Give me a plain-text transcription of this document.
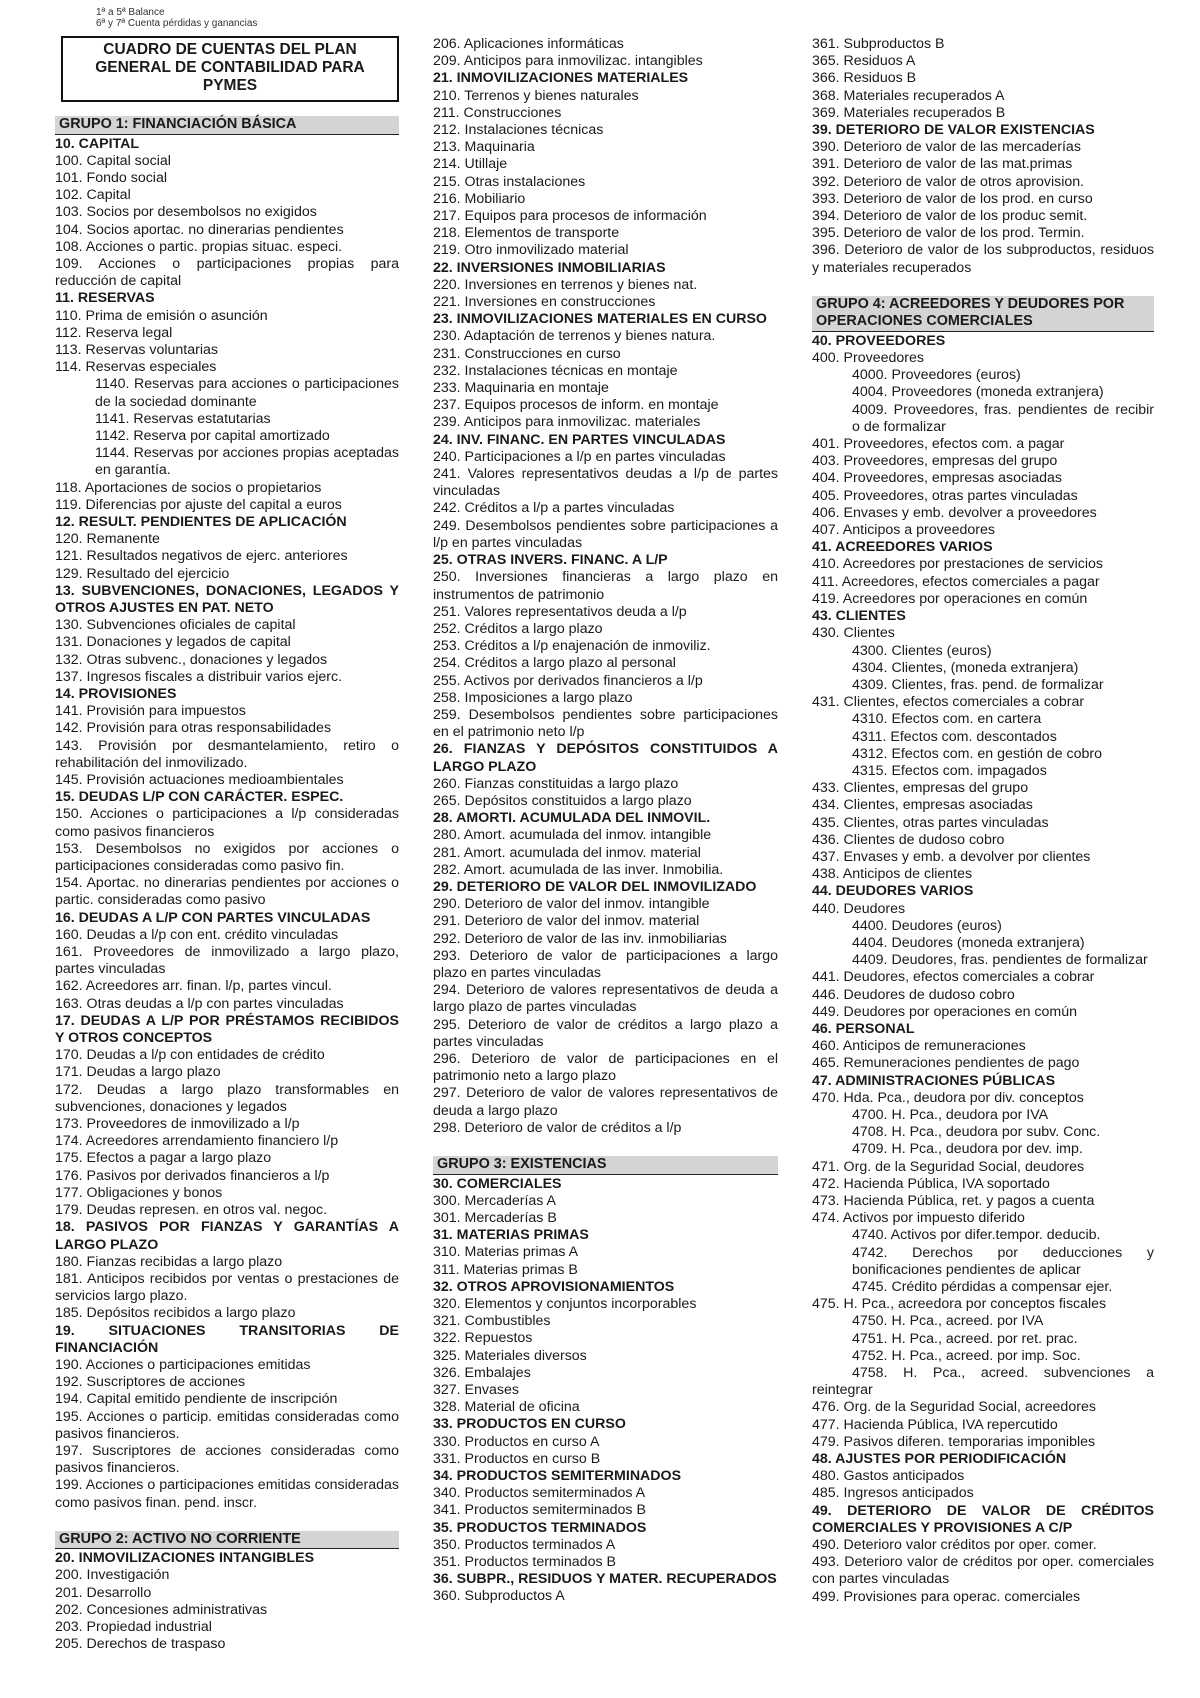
1ª a 5ª Balance
6ª y 7ª Cuenta pérdidas y ganancias
CUADRO DE CUENTAS DEL PLAN GENERAL DE CONTABILIDAD PARA PYMES
GRUPO 1: FINANCIACIÓN BÁSICA
10. CAPITAL
100. Capital social
101. Fondo social
102. Capital
103. Socios por desembolsos no exigidos
104. Socios aportac. no dinerarias pendientes
108. Acciones o partic. propias situac. especi.
109. Acciones o participaciones propias para reducción de capital
11. RESERVAS
110. Prima de emisión o asunción
112. Reserva legal
113. Reservas voluntarias
114. Reservas especiales
1140. Reservas para acciones o participaciones de la sociedad dominante
1141. Reservas estatutarias
1142. Reserva por capital amortizado
1144. Reservas por acciones propias aceptadas en garantía.
118. Aportaciones de socios o propietarios
119. Diferencias por ajuste del capital a euros
12. RESULT. PENDIENTES DE APLICACIÓN
120. Remanente
121. Resultados negativos de ejerc. anteriores
129. Resultado del ejercicio
13. SUBVENCIONES, DONACIONES, LEGADOS Y OTROS AJUSTES EN PAT. NETO
130. Subvenciones oficiales de capital
131. Donaciones y legados de capital
132. Otras subvenc., donaciones y legados
137. Ingresos fiscales a distribuir varios ejerc.
14. PROVISIONES
141. Provisión para impuestos
142. Provisión para otras responsabilidades
143. Provisión por desmantelamiento, retiro o rehabilitación del inmovilizado.
145. Provisión actuaciones medioambientales
15. DEUDAS L/P CON CARÁCTER. ESPEC.
150. Acciones o participaciones a l/p consideradas como pasivos financieros
153. Desembolsos no exigidos por acciones o participaciones consideradas como pasivo fin.
154. Aportac. no dinerarias pendientes por acciones o partic. consideradas como pasivo
16. DEUDAS A L/P CON PARTES VINCULADAS
160. Deudas a l/p con ent. crédito vinculadas
161. Proveedores de inmovilizado a largo plazo, partes vinculadas
162. Acreedores arr. finan. l/p, partes vincul.
163. Otras deudas a l/p con partes vinculadas
17. DEUDAS A L/P POR PRÉSTAMOS RECIBIDOS Y OTROS CONCEPTOS
170. Deudas a l/p con entidades de crédito
171. Deudas a largo plazo
172. Deudas a largo plazo transformables en subvenciones, donaciones y legados
173. Proveedores de inmovilizado a l/p
174. Acreedores arrendamiento financiero l/p
175. Efectos a pagar a largo plazo
176. Pasivos por derivados financieros a l/p
177. Obligaciones y bonos
179. Deudas represen. en otros val. negoc.
18. PASIVOS POR FIANZAS Y GARANTÍAS A LARGO PLAZO
180. Fianzas recibidas a largo plazo
181. Anticipos recibidos por ventas o prestaciones de servicios largo plazo.
185. Depósitos recibidos a largo plazo
19. SITUACIONES TRANSITORIAS DE FINANCIACIÓN
190. Acciones o participaciones emitidas
192. Suscriptores de acciones
194. Capital emitido pendiente de inscripción
195. Acciones o particip. emitidas consideradas como pasivos financieros.
197. Suscriptores de acciones consideradas como pasivos financieros.
199. Acciones o participaciones emitidas consideradas como pasivos finan. pend. inscr.
GRUPO 2: ACTIVO NO CORRIENTE
20. INMOVILIZACIONES INTANGIBLES
200. Investigación
201. Desarrollo
202. Concesiones administrativas
203. Propiedad industrial
205. Derechos de traspaso
206. Aplicaciones informáticas
209. Anticipos para inmovilizac. intangibles
21. INMOVILIZACIONES MATERIALES
210. Terrenos y bienes naturales
211. Construcciones
212. Instalaciones técnicas
213. Maquinaria
214. Utillaje
215. Otras instalaciones
216. Mobiliario
217. Equipos para procesos de información
218. Elementos de transporte
219. Otro inmovilizado material
22. INVERSIONES INMOBILIARIAS
220. Inversiones en terrenos y bienes nat.
221. Inversiones en construcciones
23. INMOVILIZACIONES MATERIALES EN CURSO
230. Adaptación de terrenos y bienes natura.
231. Construcciones en curso
232. Instalaciones técnicas en montaje
233. Maquinaria en montaje
237. Equipos procesos de inform. en montaje
239. Anticipos para inmovilizac. materiales
24. INV. FINANC. EN PARTES VINCULADAS
240. Participaciones a l/p en partes vinculadas
241. Valores representativos deudas a l/p de partes vinculadas
242. Créditos a l/p a partes vinculadas
249. Desembolsos pendientes sobre participaciones a l/p en partes vinculadas
25. OTRAS INVERS. FINANC. A L/P
250. Inversiones financieras a largo plazo en instrumentos de patrimonio
251. Valores representativos deuda a l/p
252. Créditos a largo plazo
253. Créditos a l/p enajenación de inmoviliz.
254. Créditos a largo plazo al personal
255. Activos por derivados financieros a l/p
258. Imposiciones a largo plazo
259. Desembolsos pendientes sobre participaciones en el patrimonio neto l/p
26. FIANZAS Y DEPÓSITOS CONSTITUIDOS A LARGO PLAZO
260. Fianzas constituidas a largo plazo
265. Depósitos constituidos a largo plazo
28. AMORTI. ACUMULADA DEL INMOVIL.
280. Amort. acumulada del inmov. intangible
281. Amort. acumulada del inmov. material
282. Amort. acumulada de las inver. Inmobilia.
29. DETERIORO DE VALOR DEL INMOVILIZADO
290. Deterioro de valor del inmov. intangible
291. Deterioro de valor del inmov. material
292. Deterioro de valor de las inv. inmobiliarias
293. Deterioro de valor de participaciones a largo plazo en partes vinculadas
294. Deterioro de valores representativos de deuda a largo plazo de partes vinculadas
295. Deterioro de valor de créditos a largo plazo a partes vinculadas
296. Deterioro de valor de participaciones en el patrimonio neto a largo plazo
297. Deterioro de valor de valores representativos de deuda a largo plazo
298. Deterioro de valor de créditos a l/p
GRUPO 3: EXISTENCIAS
30. COMERCIALES
300. Mercaderías A
301. Mercaderías B
31. MATERIAS PRIMAS
310. Materias primas A
311. Materias primas B
32. OTROS APROVISIONAMIENTOS
320. Elementos y conjuntos incorporables
321. Combustibles
322. Repuestos
325. Materiales diversos
326. Embalajes
327. Envases
328. Material de oficina
33. PRODUCTOS EN CURSO
330. Productos en curso A
331. Productos en curso B
34. PRODUCTOS SEMITERMINADOS
340. Productos semiterminados A
341. Productos semiterminados B
35. PRODUCTOS TERMINADOS
350. Productos terminados A
351. Productos terminados B
36. SUBPR., RESIDUOS Y MATER. RECUPERADOS
360. Subproductos A
361. Subproductos B
365. Residuos A
366. Residuos B
368. Materiales recuperados A
369. Materiales recuperados B
39. DETERIORO DE VALOR EXISTENCIAS
390. Deterioro de valor de las mercaderías
391. Deterioro de valor de las mat.primas
392. Deterioro de valor de otros aprovision.
393. Deterioro de valor de los prod. en curso
394. Deterioro de valor de los produc semit.
395. Deterioro de valor de los prod. Termin.
396. Deterioro de valor de los subproductos, residuos y materiales recuperados
GRUPO 4: ACREEDORES Y DEUDORES POR OPERACIONES COMERCIALES
40. PROVEEDORES
400. Proveedores
4000. Proveedores (euros)
4004. Proveedores (moneda extranjera)
4009. Proveedores, fras. pendientes de recibir o de formalizar
401. Proveedores, efectos com. a pagar
403. Proveedores, empresas del grupo
404. Proveedores, empresas asociadas
405. Proveedores, otras partes vinculadas
406. Envases y emb. devolver a proveedores
407. Anticipos a proveedores
41. ACREEDORES VARIOS
410. Acreedores por prestaciones de servicios
411. Acreedores, efectos comerciales a pagar
419. Acreedores por operaciones en común
43. CLIENTES
430. Clientes
4300. Clientes (euros)
4304. Clientes, (moneda extranjera)
4309. Clientes, fras. pend. de formalizar
431. Clientes, efectos comerciales a cobrar
4310. Efectos com. en cartera
4311. Efectos com. descontados
4312. Efectos com. en gestión de cobro
4315. Efectos com. impagados
433. Clientes, empresas del grupo
434. Clientes, empresas asociadas
435. Clientes, otras partes vinculadas
436. Clientes de dudoso cobro
437. Envases y emb. a devolver por clientes
438. Anticipos de clientes
44. DEUDORES VARIOS
440. Deudores
4400. Deudores (euros)
4404. Deudores (moneda extranjera)
4409. Deudores, fras. pendientes de formalizar
441. Deudores, efectos comerciales a cobrar
446. Deudores de dudoso cobro
449. Deudores por operaciones en común
46. PERSONAL
460. Anticipos de remuneraciones
465. Remuneraciones pendientes de pago
47. ADMINISTRACIONES PÚBLICAS
470. Hda. Pca., deudora por div. conceptos
4700. H. Pca., deudora por IVA
4708. H. Pca., deudora por subv. Conc.
4709. H. Pca., deudora por dev. imp.
471. Org. de la Seguridad Social, deudores
472. Hacienda Pública, IVA soportado
473. Hacienda Pública, ret. y pagos a cuenta
474. Activos por impuesto diferido
4740. Activos por difer.tempor. deducib.
4742. Derechos por deducciones y bonificaciones pendientes de aplicar
4745. Crédito pérdidas a compensar ejer.
475. H. Pca., acreedora por conceptos fiscales
4750. H. Pca., acreed. por IVA
4751. H. Pca., acreed. por ret. prac.
4752. H. Pca., acreed. por imp. Soc.
4758. H. Pca., acreed. subvenciones a reintegrar
476. Org. de la Seguridad Social, acreedores
477. Hacienda Pública, IVA repercutido
479. Pasivos diferen. temporarias imponibles
48. AJUSTES POR PERIODIFICACIÓN
480. Gastos anticipados
485. Ingresos anticipados
49. DETERIORO DE VALOR DE CRÉDITOS COMERCIALES Y PROVISIONES A C/P
490. Deterioro valor créditos por oper. comer.
493. Deterioro valor de créditos por oper. comerciales con partes vinculadas
499. Provisiones para operac. comerciales
